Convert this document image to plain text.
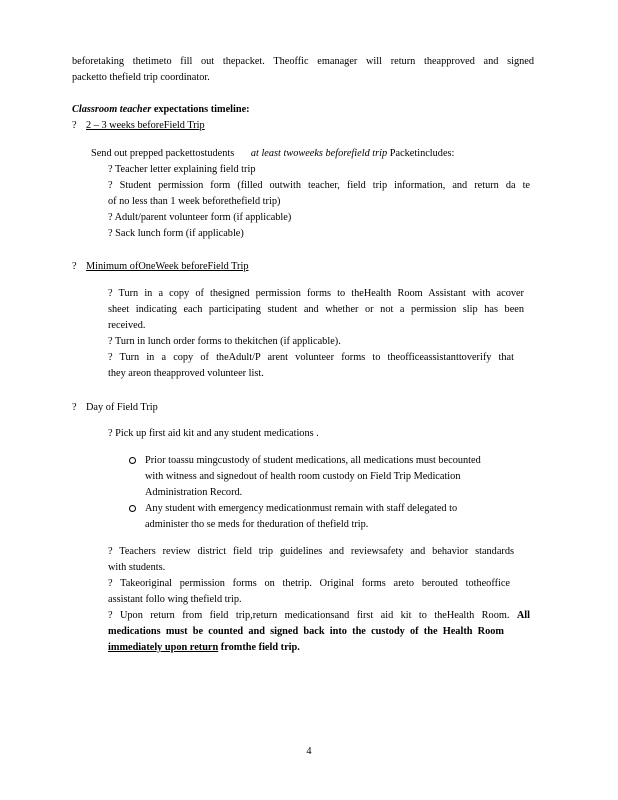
beforetaking thetimeto fill out thepacket. Theoffic emanager will return theapproved and signed
packetto thefield trip coordinator.
Classroom teacher expectations timeline:
? 2 – 3 weeks beforeField Trip
Send out prepped packettostudents at least twoweeks beforefield trip Packetincludes:
? Teacher letter explaining field trip
? Student permission form (filled outwith teacher, field trip information, and return da te
of no less than 1 week beforethefield trip)
? Adult/parent volunteer form (if applicable)
? Sack lunch form (if applicable)
? Minimum ofOneWeek beforeField Trip
? Turn in a copy of thesigned permission forms to theHealth Room Assistant with acover
sheet indicating each participating student and whether or not a permission slip has been
received.
? Turn in lunch order forms to thekitchen (if applicable).
? Turn in a copy of theAdult/P arent volunteer forms to theofficeassistanttoverify that
they areon theapproved volunteer list.
? Day of Field Trip
? Pick up first aid kit and any student medications .
Prior toassu mingcustody of student medications, all medications must becounted
with witness and signedout of health room custody on Field Trip Medication
Administration Record.
Any student with emergency medicationmust remain with staff delegated to
administer tho se meds for theduration of thefield trip.
? Teachers review district field trip guidelines and reviewsafety and behavior standards
with students.
? Takeoriginal permission forms on thetrip. Original forms areto berouted totheoffice
assistant follo wing thefield trip.
? Upon return from field trip,return medicationsand first aid kit to theHealth Room. All
medications must be counted and signed back into the custody of the Health Room
immediately upon return fromthe field trip.
4
